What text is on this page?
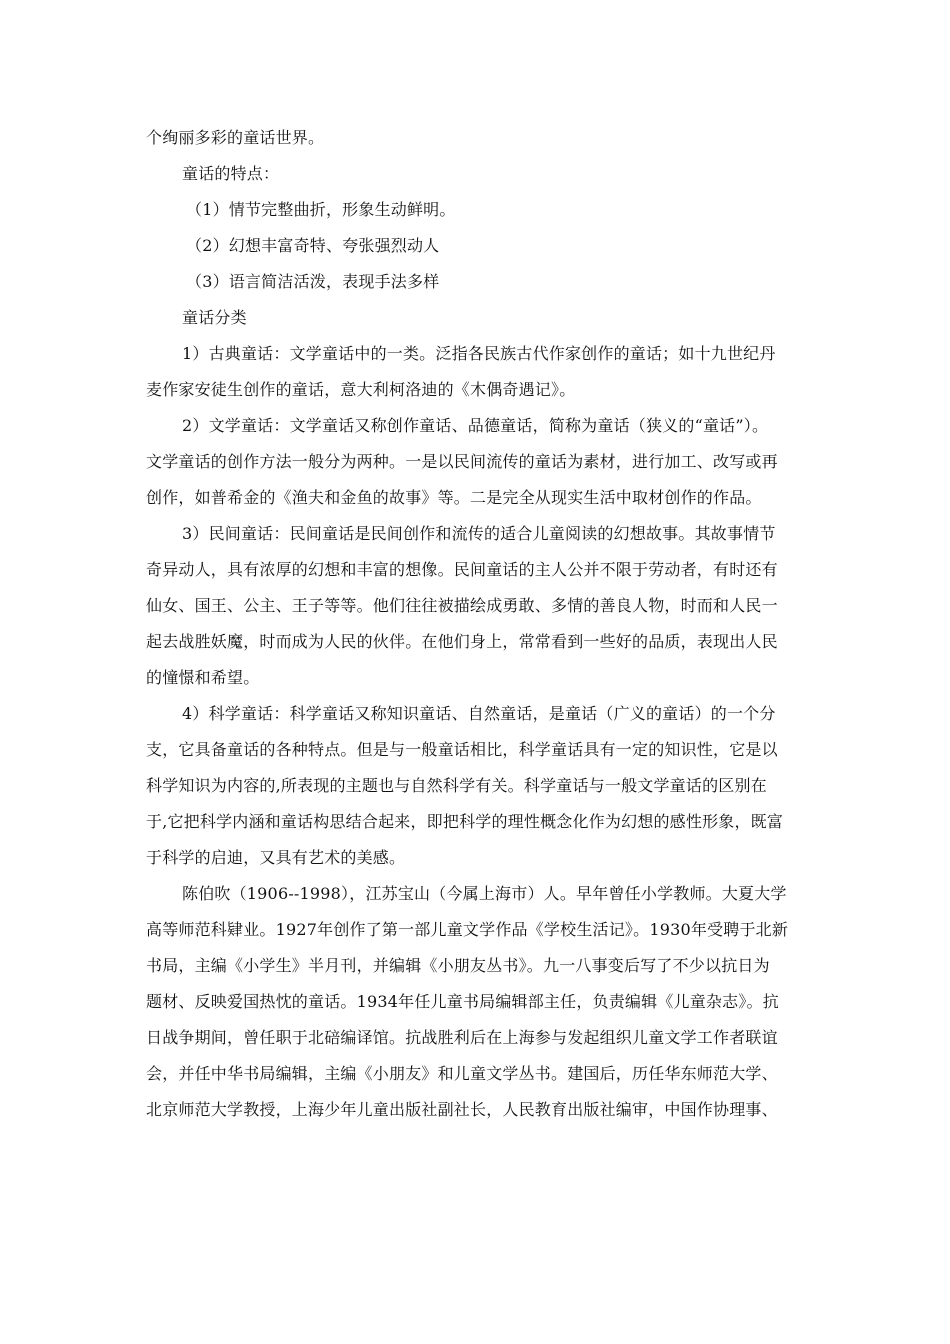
个绚丽多彩的童话世界。
童话的特点：
（1）情节完整曲折，形象生动鲜明。
（2）幻想丰富奇特、夸张强烈动人
（3）语言简洁活泼，表现手法多样
童话分类
1）古典童话：文学童话中的一类。泛指各民族古代作家创作的童话；如十九世纪丹
麦作家安徒生创作的童话，意大利柯洛迪的《木偶奇遇记》。
2）文学童话：文学童话又称创作童话、品德童话，简称为童话（狭义的“童话”）。
文学童话的创作方法一般分为两种。一是以民间流传的童话为素材，进行加工、改写或再
创作，如普希金的《渔夫和金鱼的故事》等。二是完全从现实生活中取材创作的作品。
3）民间童话：民间童话是民间创作和流传的适合儿童阅读的幻想故事。其故事情节
奇异动人，具有浓厚的幻想和丰富的想像。民间童话的主人公并不限于劳动者，有时还有
仙女、国王、公主、王子等等。他们往往被描绘成勇敢、多情的善良人物，时而和人民一
起去战胜妖魔，时而成为人民的伙伴。在他们身上，常常看到一些好的品质，表现出人民
的憧憬和希望。
4）科学童话：科学童话又称知识童话、自然童话，是童话（广义的童话）的一个分
支，它具备童话的各种特点。但是与一般童话相比，科学童话具有一定的知识性，它是以
科学知识为内容的,所表现的主题也与自然科学有关。科学童话与一般文学童话的区别在
于,它把科学内涵和童话构思结合起来，即把科学的理性概念化作为幻想的感性形象，既富
于科学的启迪，又具有艺术的美感。
陈伯吹（1906--1998），江苏宝山（今属上海市）人。早年曾任小学教师。大夏大学
高等师范科肄业。1927年创作了第一部儿童文学作品《学校生活记》。1930年受聘于北新
书局，主编《小学生》半月刊，并编辑《小朋友丛书》。九一八事变后写了不少以抗日为
题材、反映爱国热忱的童话。1934年任儿童书局编辑部主任，负责编辑《儿童杂志》。抗
日战争期间，曾任职于北碚编译馆。抗战胜利后在上海参与发起组织儿童文学工作者联谊
会，并任中华书局编辑，主编《小朋友》和儿童文学丛书。建国后，历任华东师范大学、
北京师范大学教授，上海少年儿童出版社副社长，人民教育出版社编审，中国作协理事、
